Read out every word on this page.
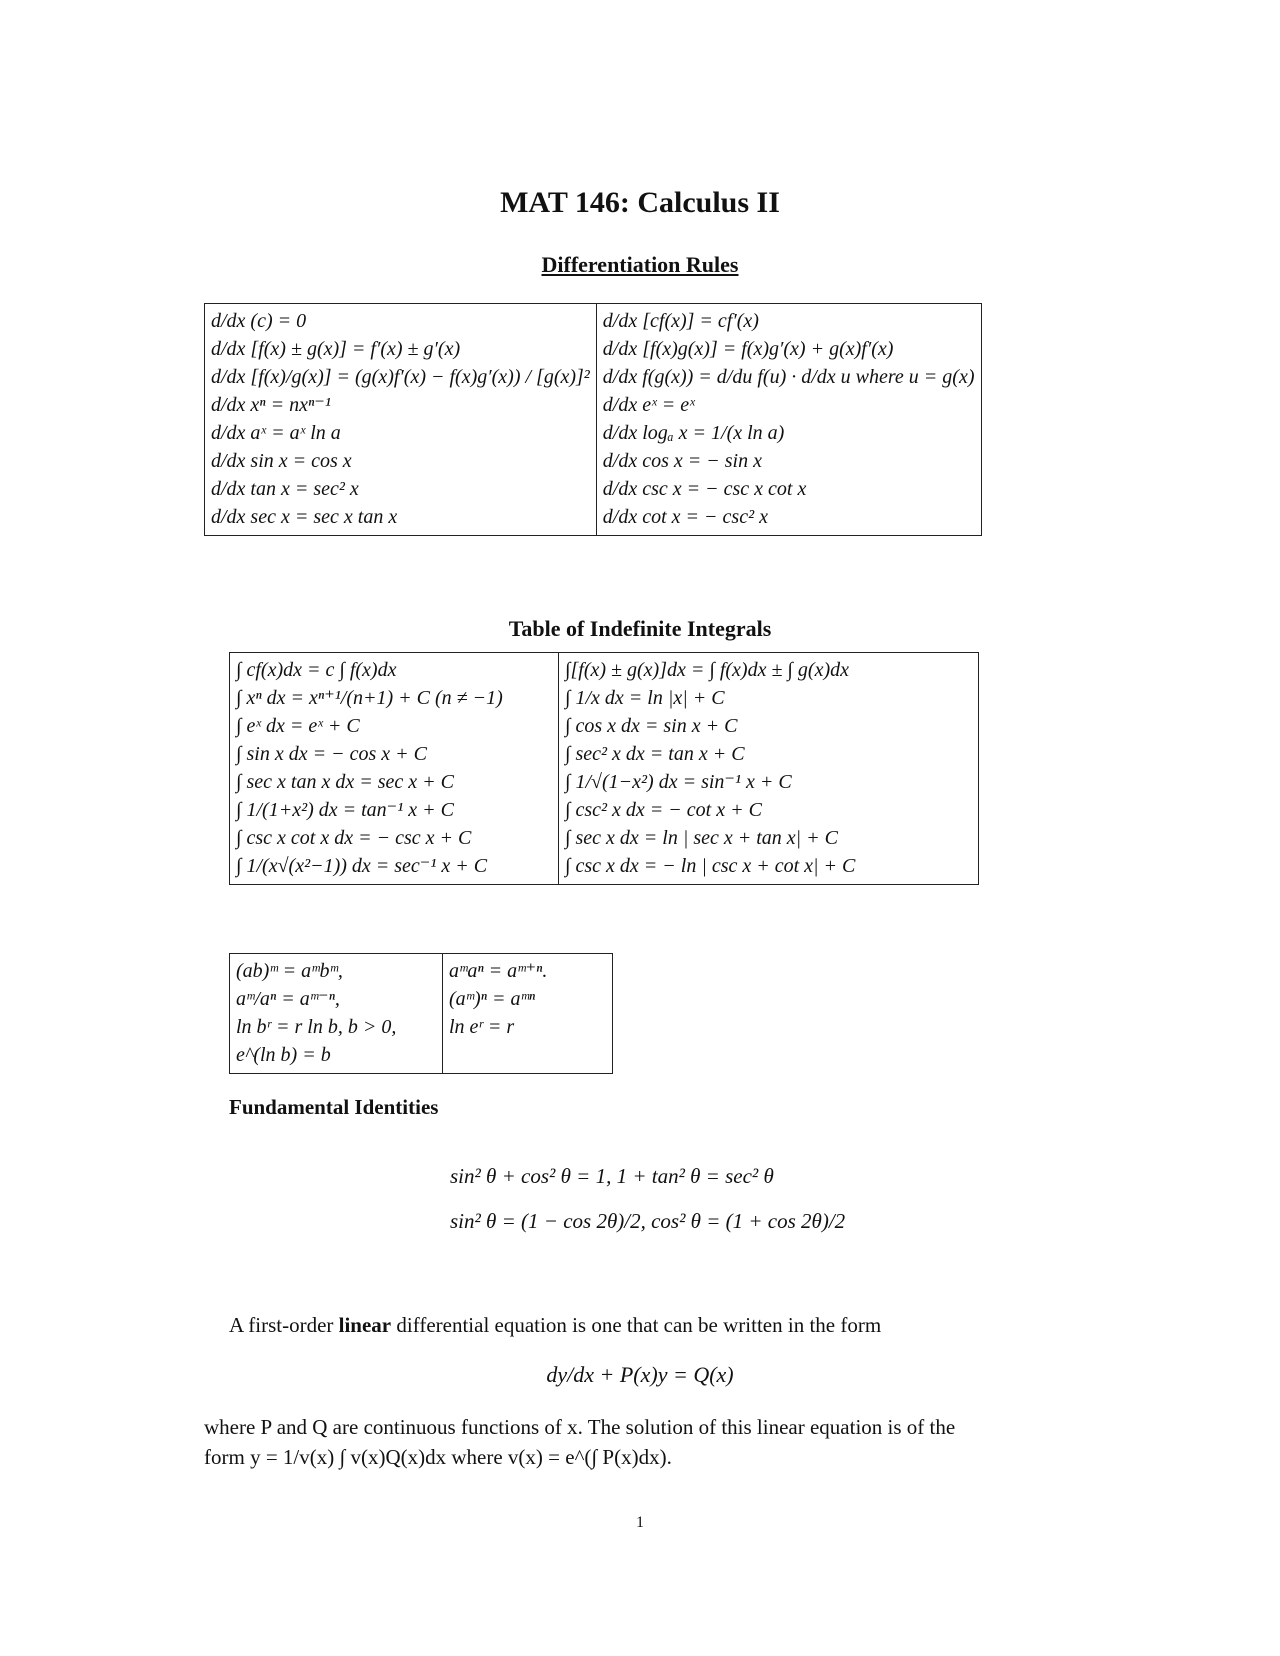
MAT 146: Calculus II
Differentiation Rules
d/dx (c) = 0
d/dx [f(x) ± g(x)] = f′(x) ± g′(x)
d/dx [f(x)/g(x)] = (g(x)f′(x) − f(x)g′(x)) / [g(x)]²
d/dx xⁿ = nxⁿ⁻¹
d/dx aˣ = aˣ ln a
d/dx sin x = cos x
d/dx tan x = sec² x
d/dx sec x = sec x tan x

d/dx [cf(x)] = cf′(x)
d/dx [f(x)g(x)] = f(x)g′(x) + g(x)f′(x)
d/dx f(g(x)) = d/du f(u) · d/dx u where u = g(x)
d/dx eˣ = eˣ
d/dx logₐ x = 1/(x ln a)
d/dx cos x = − sin x
d/dx csc x = − csc x cot x
d/dx cot x = − csc² x
Table of Indefinite Integrals
∫ cf(x)dx = c ∫ f(x)dx
∫ xⁿ dx = xⁿ⁺¹/(n+1) + C (n ≠ −1)
∫ eˣ dx = eˣ + C
∫ sin x dx = − cos x + C
∫ sec x tan x dx = sec x + C
∫ 1/(1+x²) dx = tan⁻¹ x + C
∫ csc x cot x dx = − csc x + C
∫ 1/(x√(x²−1)) dx = sec⁻¹ x + C

∫[f(x) ± g(x)]dx = ∫ f(x)dx ± ∫ g(x)dx
∫ 1/x dx = ln |x| + C
∫ cos x dx = sin x + C
∫ sec² x dx = tan x + C
∫ 1/√(1−x²) dx = sin⁻¹ x + C
∫ csc² x dx = − cot x + C
∫ sec x dx = ln | sec x + tan x| + C
∫ csc x dx = − ln | csc x + cot x| + C
(ab)ᵐ = aᵐbᵐ,
aᵐ/aⁿ = aᵐ⁻ⁿ,
ln bʳ = r ln b, b > 0,
e^(ln b) = b

aᵐaⁿ = aᵐ⁺ⁿ.
(aᵐ)ⁿ = aᵐⁿ
ln eʳ = r
Fundamental Identities
sin² θ + cos² θ = 1, 1 + tan² θ = sec² θ
sin² θ = (1 − cos 2θ)/2, cos² θ = (1 + cos 2θ)/2
A first-order linear differential equation is one that can be written in the form
dy/dx + P(x)y = Q(x)
where P and Q are continuous functions of x. The solution of this linear equation is of the
form y = 1/v(x) ∫ v(x)Q(x)dx where v(x) = e^(∫ P(x)dx).
1
